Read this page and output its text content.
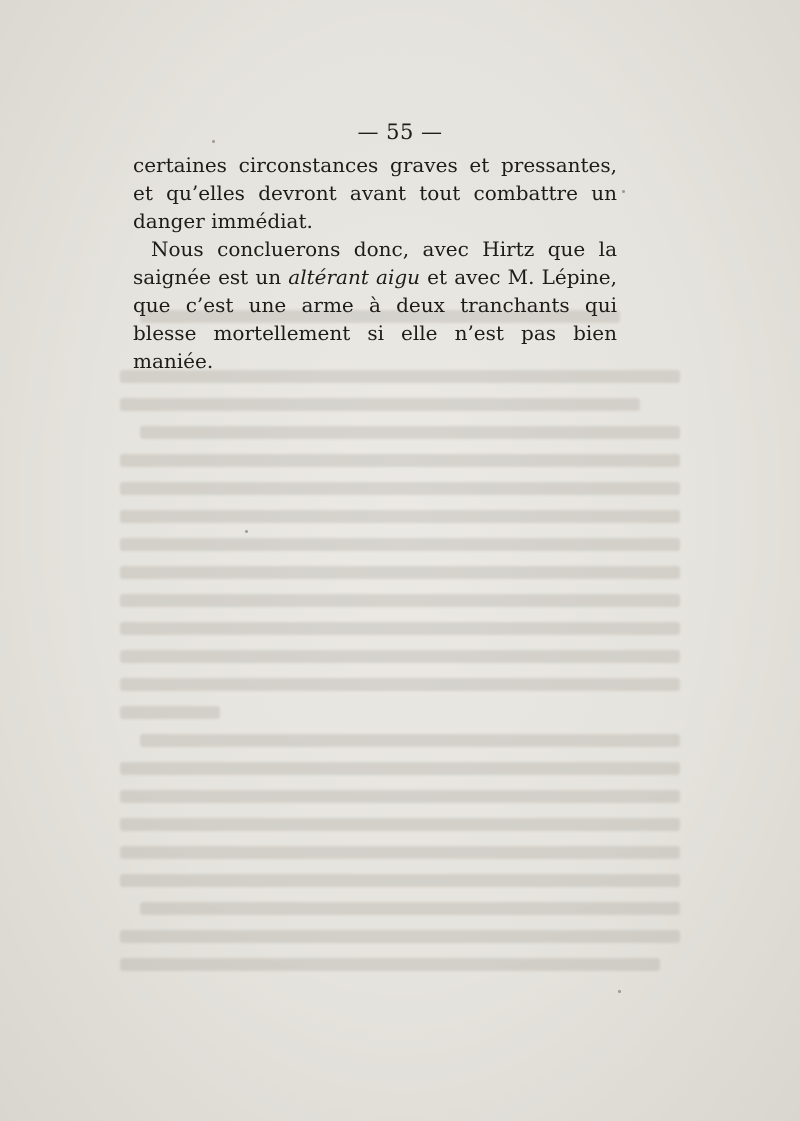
— 55 —

certaines circonstances graves et pressantes, et qu’elles devront avant tout combattre un danger immédiat.

Nous concluerons donc, avec Hirtz que la saignée est un altérant aigu et avec M. Lépine, que c’est une arme à deux tranchants qui blesse mortellement si elle n’est pas bien maniée.
